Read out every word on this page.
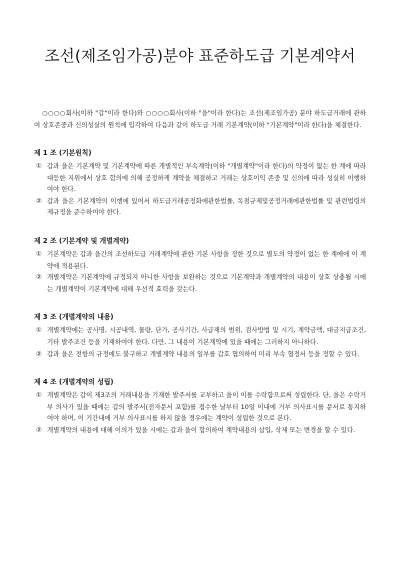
조선(제조임가공)분야 표준하도급 기본계약서

○○○○회사(이하 "갑"이라 한다)와 ○○○○회사(이하 "을"이라 한다)는 조선(제조임가공) 분야 하도급거래에 관하여 상호존중과 신의성실의 원칙에 입각하여 다음과 같이 하도급 거래 기본계약(이하 "기본계약"이라 한다)을 체결한다.

제 1 조 (기본원칙)
① 갑과 을은 기본계약 및 기본계약에 따른 개별적인 부속계약(이하 "개별계약"이라 한다)의 약정이 없는 한 계에 따라 대등한 지위에서 상호 합의에 의해 공정하게 계약을 체결하고 거래는 상호이익 존중 및 신의에 따라 성실히 이행하여야 한다.
② 갑과 을은 기본계약의 이행에 있어서 하도급거래공정화에관한법률, 독점규제및공정거래에관한법률 및 관련법령의 제규정을 준수하여야 한다.
제 2 조 (기본계약 및 개별계약)
① 기본계약은 갑과 을간의 조선하도급 거래계약에 관한 기본 사항을 정한 것으로 별도의 약정이 없는 한 계에에 이 계약에 적용된다.
② 개별계약은 기본계약에 규정되지 아니한 사항을 보완하는 것으로 기본계약과 개별계약의 내용이 상호 상충될 시에는 개별계약이 기본계약에 대해 우선적 효력을 갖는다.
제 3 조 (개별계약의 내용)
① 개별계약에는 공사명, 시공내역, 물량, 단가, 공사기간, 사급재의 범위, 검사방법 및 시기, 계약금액, 대금지급조건, 기타 발주조건 등을 기재하여야 한다. 다만, 그 내용이 기본계약에 있을 때에는 그러하지 아니하다.
② 갑과 을은 전항의 규정에도 불구하고 개별계약 내용의 일부를 갑호 협의하여 미리 부속 협정서 등을 정할 수 있다.
제 4 조 (개별계약의 성립)
① 개별계약은 갑이 제3조의 거래내용을 기재한 발주서를 교부하고 을이 이를 수락함으로써 성립한다. 단, 을은 수락거부 의사가 있을 때에는 갑의 발주서(전자문서 포함)를 접수한 날부터 10일 이내에 거부 의사표시를 문서로 통지하여야 하며, 이 기간내에 거부 의사표시를 하지 않을 경우에는 계약이 성립한 것으로 본다.
② 개별계약의 내용에 대해 이의가 있을 시에는 갑과 을이 합의하여 계약내용의 삽입, 삭제 또는 변경을 할 수 있다.
